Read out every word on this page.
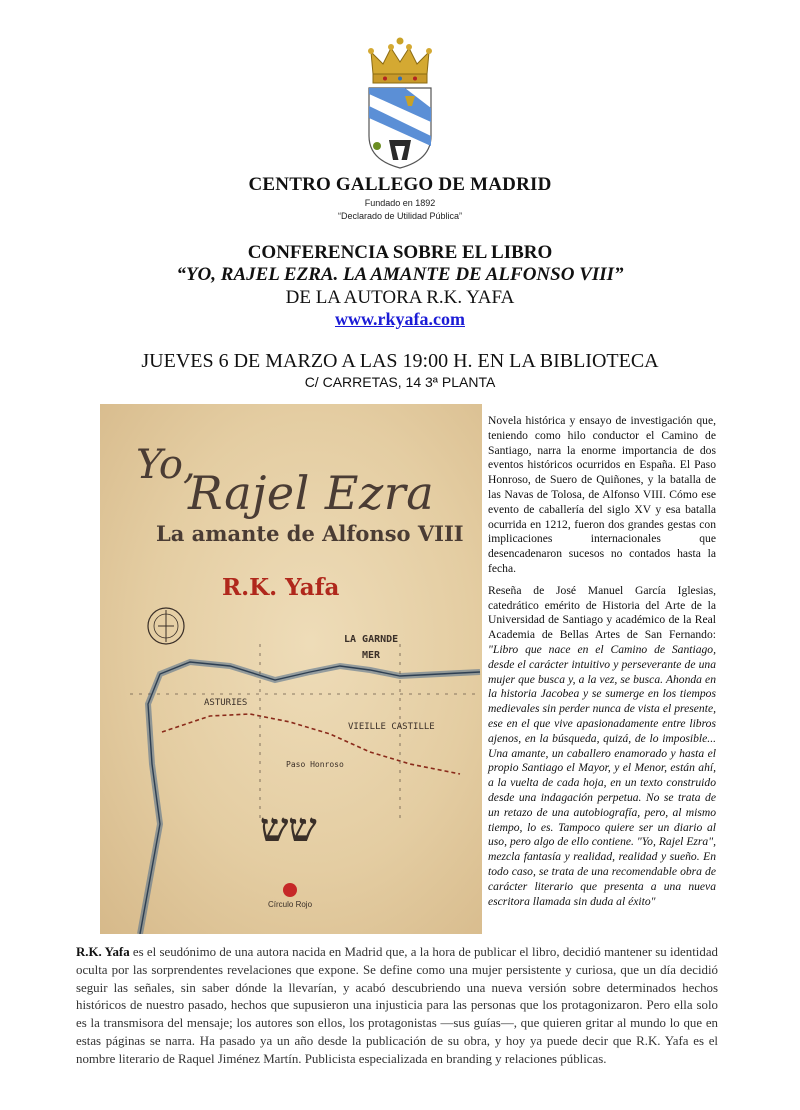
CENTRO GALLEGO DE MADRID
Fundado en 1892
“Declarado de Utilidad Pública”
CONFERENCIA SOBRE EL LIBRO
“YO, RAJEL EZRA. LA AMANTE DE ALFONSO VIII”
DE LA AUTORA R.K. YAFA
www.rkyafa.com
JUEVES 6 DE MARZO A LAS 19:00 H. EN LA BIBLIOTECA
C/ CARRETAS, 14 3ª PLANTA
Yo,
Rajel Ezra
La amante de Alfonso VIII
R.K. Yafa
LA GARNDE
MER
ASTURIES
VIEILLE CASTILLE
Paso Honroso
שש
Círculo Rojo

Novela histórica y ensayo de investigación que, teniendo como hilo conductor el Camino de Santiago, narra la enorme importancia de dos eventos históricos ocurridos en España. El Paso Honroso, de Suero de Quiñones, y la batalla de las Navas de Tolosa, de Alfonso VIII. Cómo ese evento de caballería del siglo XV y esa batalla ocurrida en 1212, fueron dos grandes gestas con implicaciones internacionales que desencadenaron sucesos no contados hasta la fecha.

Reseña de José Manuel García Iglesias, catedrático emérito de Historia del Arte de la Universidad de Santiago y académico de la Real Academia de Bellas Artes de San Fernando: "Libro que nace en el Camino de Santiago, desde el carácter intuitivo y perseverante de una mujer que busca y, a la vez, se busca. Ahonda en la historia Jacobea y se sumerge en los tiempos medievales sin perder nunca de vista el presente, ese en el que vive apasionadamente entre libros ajenos, en la búsqueda, quizá, de lo imposible... Una amante, un caballero enamorado y hasta el propio Santiago el Mayor, y el Menor, están ahí, a la vuelta de cada hoja, en un texto construido desde una indagación perpetua. No se trata de un retazo de una autobiografía, pero, al mismo tiempo, lo es. Tampoco quiere ser un diario al uso, pero algo de ello contiene. "Yo, Rajel Ezra", mezcla fantasía y realidad, realidad y sueño. En todo caso, se trata de una recomendable obra de carácter literario que presenta a una nueva escritora llamada sin duda al éxito"

R.K. Yafa es el seudónimo de una autora nacida en Madrid que, a la hora de publicar el libro, decidió mantener su identidad oculta por las sorprendentes revelaciones que expone. Se define como una mujer persistente y curiosa, que un día decidió seguir las señales, sin saber dónde la llevarían, y acabó descubriendo una nueva versión sobre determinados hechos históricos de nuestro pasado, hechos que supusieron una injusticia para las personas que los protagonizaron. Pero ella solo es la transmisora del mensaje; los autores son ellos, los protagonistas —sus guías—, que quieren gritar al mundo lo que en estas páginas se narra. Ha pasado ya un año desde la publicación de su obra, y hoy ya puede decir que R.K. Yafa es el nombre literario de Raquel Jiménez Martín. Publicista especializada en branding y relaciones públicas.
